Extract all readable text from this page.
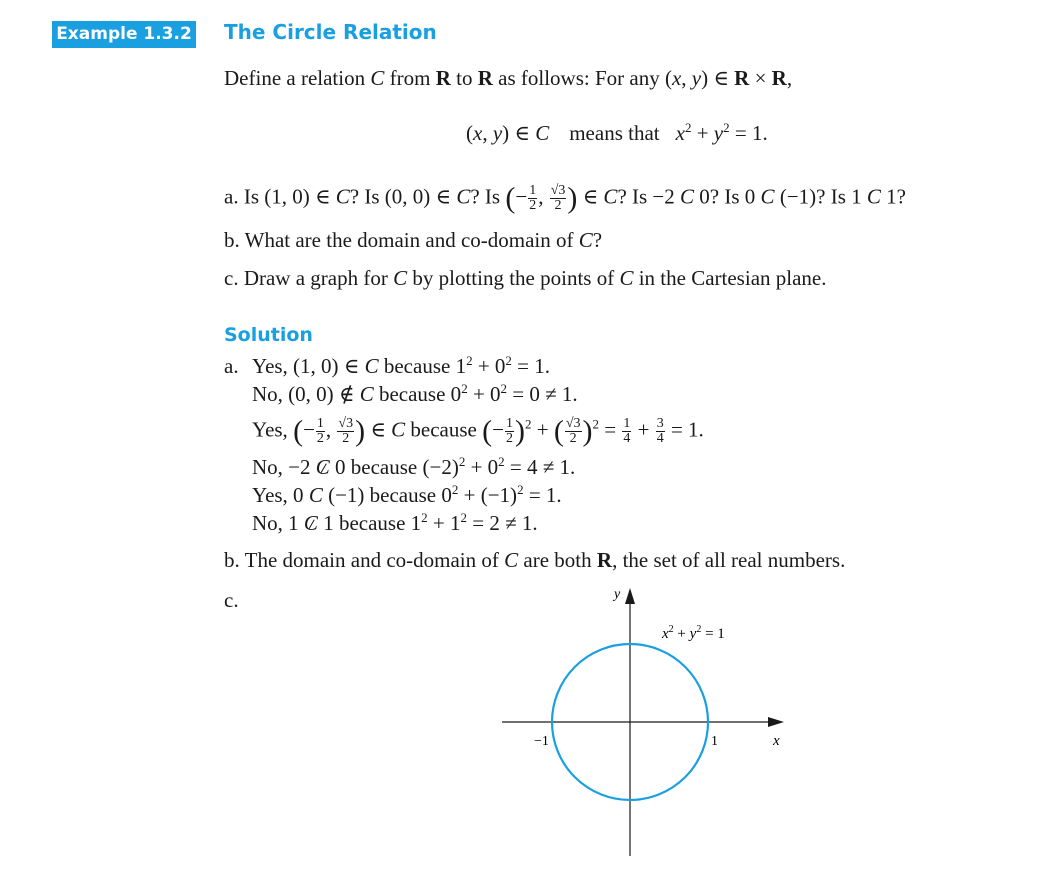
Example 1.3.2 The Circle Relation
Define a relation C from R to R as follows: For any (x, y) ∈ R × R,
(x, y) ∈ C means that $x^2 + y^2 = 1$.
a. Is (1, 0) ∈ C? Is (0, 0) ∈ C? Is (− $\frac{1}{2}$ , $\frac{√3}{2}$ ) ∈ C? Is −2 C 0? Is 0 C (−1)? Is 1 C 1?
b. What are the domain and co-domain of C?
c. Draw a graph for C by plotting the points of C in the Cartesian plane.
Solution
a. Yes, (1, 0) ∈ C because $1^2 + 0^2 = 1$.
No, (0, 0) ∉ C because $0^2 + 0^2 = 0 \ne 1$.
Yes, (− $\frac{1}{2}$ , $\frac{√3}{2}$ ) ∈ C because (− $\frac{1}{2} )^2$ + ( $\frac{√3}{2} )^2 = \frac{1}{4} + \frac{3}{4} = 1$.
No, −2 C 0 because $(-2)^2 + 0^2 = 4 \ne 1$.
Yes, 0 C (−1) because $0^2 + (-1)^2 = 1$.
No, 1 C 1 because $1^2 + 1^2 = 2 \ne 1$.
b. The domain and co-domain of C are both R, the set of all real numbers.
c.	y
x
−1	1
$x^2 + y^2 = 1$
